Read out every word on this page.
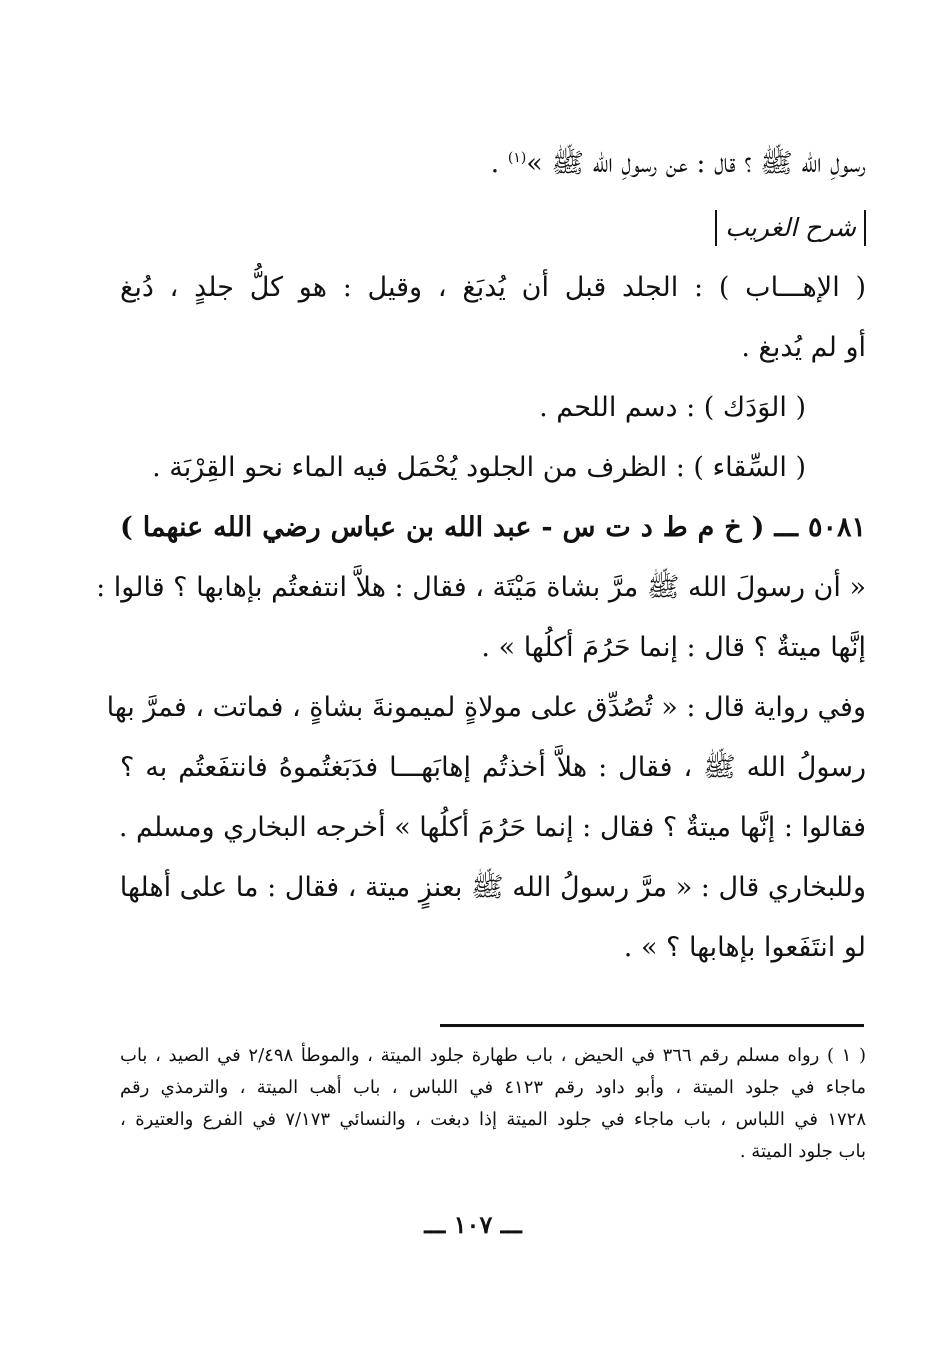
رسولِ الله ﷺ ؟ قال : عن رسولِ الله ﷺ »$^{(١)}$ .
شرح الغريب
( الإهـــاب ) : الجلد قبل أن يُدبَغ ، وقيل : هو كلُّ جلدٍ ، دُبغ
أو لم يُدبغ .
( الوَدَك ) : دسم اللحم .
( السِّقاء ) : الظرف من الجلود يُحْمَل فيه الماء نحو القِرْبَة .
٥٠٨١ ـــ ( خ م ط د ت س - عبد الله بن عباس رضي الله عنهما )
« أن رسولَ الله ﷺ مرَّ بشاة مَيْتَة ، فقال : هلاَّ انتفعتُم بإهابها ؟ قالوا :
إنَّها ميتةٌ ؟ قال : إنما حَرُمَ أكلُها » .
وفي رواية قال : « تُصُدِّق على مولاةٍ لميمونةَ بشاةٍ ، فماتت ، فمرَّ بها
رسولُ الله ﷺ ، فقال : هلاَّ أخذتُم إهابَهـــا فدَبَغتُموهُ فانتفَعتُم به ؟
فقالوا : إنَّها ميتةٌ ؟ فقال : إنما حَرُمَ أكلُها » أخرجه البخاري ومسلم .
وللبخاري قال : « مرَّ رسولُ الله ﷺ بعنزٍ ميتة ، فقال : ما على أهلها
لو انتَفَعوا بإهابها ؟ » .
( ١ ) رواه مسلم رقم ٣٦٦ في الحيض ، باب طهارة جلود الميتة ، والموطأ ٢/٤٩٨ في الصيد ، باب
ماجاء في جلود الميتة ، وأبو داود رقم ٤١٢٣ في اللباس ، باب أهب الميتة ، والترمذي رقم
١٧٢٨ في اللباس ، باب ماجاء في جلود الميتة إذا دبغت ، والنسائي ٧/١٧٣ في الفرع والعتيرة ،
باب جلود الميتة .
ـــ ١٠٧ ـــ
